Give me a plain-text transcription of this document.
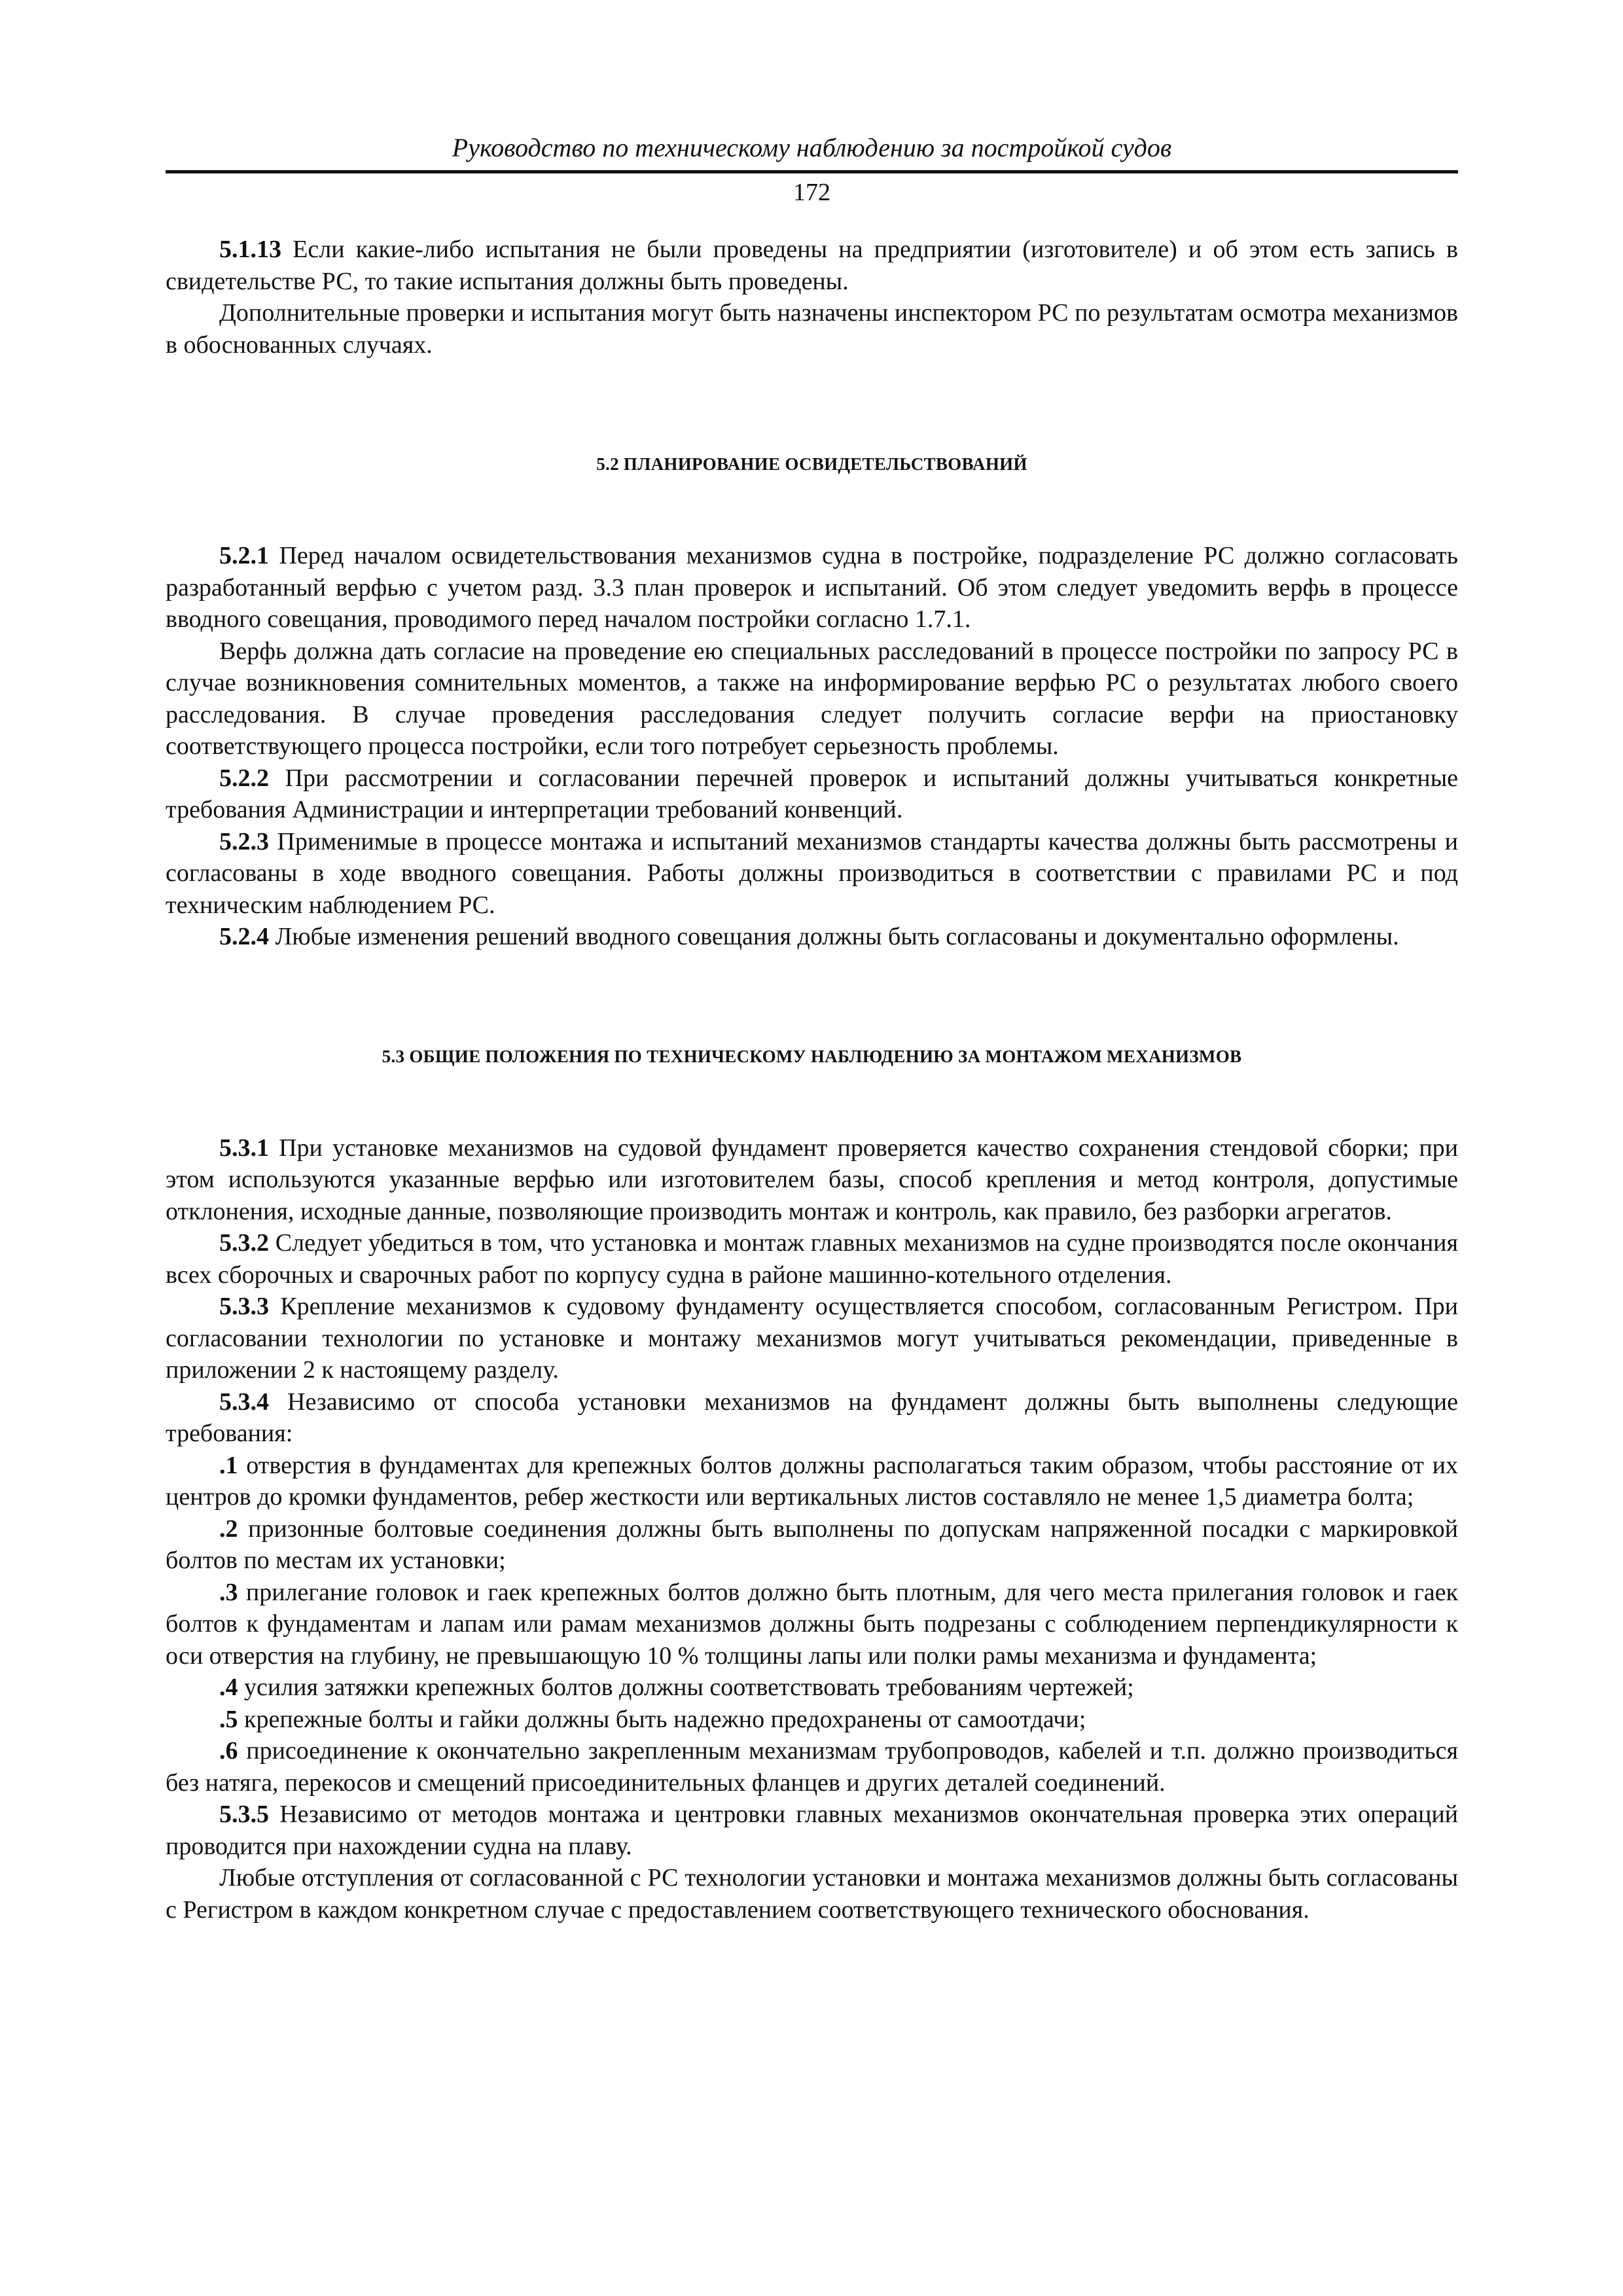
Руководство по техническому наблюдению за постройкой судов
172

5.1.13 Если какие-либо испытания не были проведены на предприятии (изготовителе) и об этом есть запись в свидетельстве РС, то такие испытания должны быть проведены.

Дополнительные проверки и испытания могут быть назначены инспектором РС по результатам осмотра механизмов в обоснованных случаях.

5.2 ПЛАНИРОВАНИЕ ОСВИДЕТЕЛЬСТВОВАНИЙ

5.2.1 Перед началом освидетельствования механизмов судна в постройке, подразделение РС должно согласовать разработанный верфью с учетом разд. 3.3 план проверок и испытаний. Об этом следует уведомить верфь в процессе вводного совещания, проводимого перед началом постройки согласно 1.7.1.

Верфь должна дать согласие на проведение ею специальных расследований в процессе постройки по запросу РС в случае возникновения сомнительных моментов, а также на информирование верфью РС о результатах любого своего расследования. В случае проведения расследования следует получить согласие верфи на приостановку соответствующего процесса постройки, если того потребует серьезность проблемы.

5.2.2 При рассмотрении и согласовании перечней проверок и испытаний должны учитываться конкретные требования Администрации и интерпретации требований конвенций.

5.2.3 Применимые в процессе монтажа и испытаний механизмов стандарты качества должны быть рассмотрены и согласованы в ходе вводного совещания. Работы должны производиться в соответствии с правилами РС и под техническим наблюдением РС.

5.2.4 Любые изменения решений вводного совещания должны быть согласованы и документально оформлены.

5.3 ОБЩИЕ ПОЛОЖЕНИЯ ПО ТЕХНИЧЕСКОМУ НАБЛЮДЕНИЮ ЗА МОНТАЖОМ МЕХАНИЗМОВ

5.3.1 При установке механизмов на судовой фундамент проверяется качество сохранения стендовой сборки; при этом используются указанные верфью или изготовителем базы, способ крепления и метод контроля, допустимые отклонения, исходные данные, позволяющие производить монтаж и контроль, как правило, без разборки агрегатов.

5.3.2 Следует убедиться в том, что установка и монтаж главных механизмов на судне производятся после окончания всех сборочных и сварочных работ по корпусу судна в районе машинно-котельного отделения.

5.3.3 Крепление механизмов к судовому фундаменту осуществляется способом, согласованным Регистром. При согласовании технологии по установке и монтажу механизмов могут учитываться рекомендации, приведенные в приложении 2 к настоящему разделу.

5.3.4 Независимо от способа установки механизмов на фундамент должны быть выполнены следующие требования:

.1 отверстия в фундаментах для крепежных болтов должны располагаться таким образом, чтобы расстояние от их центров до кромки фундаментов, ребер жесткости или вертикальных листов составляло не менее 1,5 диаметра болта;

.2 призонные болтовые соединения должны быть выполнены по допускам напряженной посадки с маркировкой болтов по местам их установки;

.3 прилегание головок и гаек крепежных болтов должно быть плотным, для чего места прилегания головок и гаек болтов к фундаментам и лапам или рамам механизмов должны быть подрезаны с соблюдением перпендикулярности к оси отверстия на глубину, не превышающую 10 % толщины лапы или полки рамы механизма и фундамента;

.4 усилия затяжки крепежных болтов должны соответствовать требованиям чертежей;

.5 крепежные болты и гайки должны быть надежно предохранены от самоотдачи;

.6 присоединение к окончательно закрепленным механизмам трубопроводов, кабелей и т.п. должно производиться без натяга, перекосов и смещений присоединительных фланцев и других деталей соединений.

5.3.5 Независимо от методов монтажа и центровки главных механизмов окончательная проверка этих операций проводится при нахождении судна на плаву.

Любые отступления от согласованной с РС технологии установки и монтажа механизмов должны быть согласованы с Регистром в каждом конкретном случае с предоставлением соответствующего технического обоснования.
